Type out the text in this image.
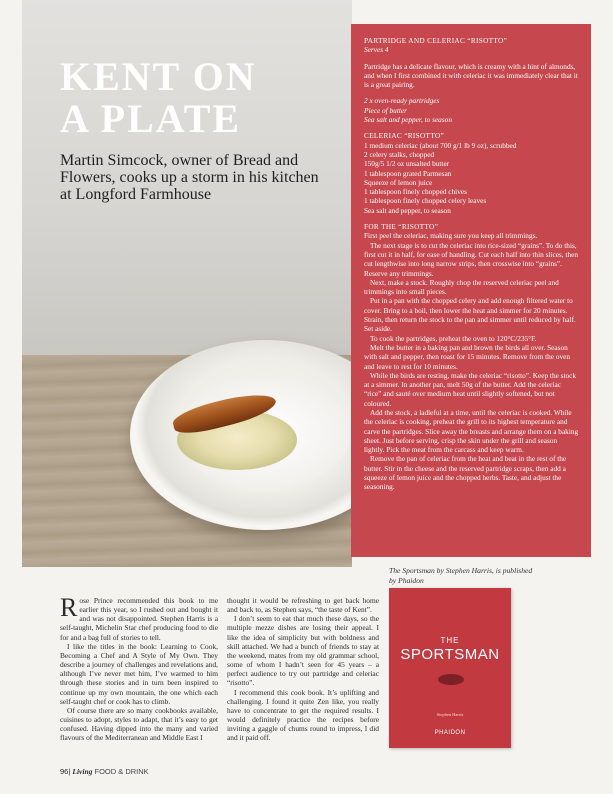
KENT ON
A PLATE
Martin Simcock, owner of Bread and Flowers, cooks up a storm in his kitchen at Longford Farmhouse
PARTRIDGE AND CELERIAC “RISOTTO”
Serves 4
Partridge has a delicate flavour, which is creamy with a hint of almonds, and when I first combined it with celeriac it was immediately clear that it is a great pairing.
2 x oven-ready partridges
Piece of butter
Sea salt and pepper, to season
CELERIAC “RISOTTO”
1 medium celeriac (about 700 g/1 lb 9 oz), scrubbed
2 celery stalks, chopped
150g/5 1/2 oz unsalted butter
1 tablespoon grated Parmesan
Squeeze of lemon juice
1 tablespoon finely chopped chives
1 tablespoon finely chopped celery leaves
Sea salt and pepper, to season
FOR THE “RISOTTO”

First peel the celeriac, making sure you keep all trimmings.

The next stage is to cut the celeriac into rice-sized “grains”. To do this, first cut it in half, for ease of handling. Cut each half into thin slices, then cut lengthwise into long narrow strips, then crosswise into “grains”. Reserve any trimmings.

Next, make a stock. Roughly chop the reserved celeriac peel and trimmings into small pieces.

Put in a pan with the chopped celery and add enough filtered water to cover. Bring to a boil, then lower the heat and simmer for 20 minutes. Strain, then return the stock to the pan and simmer until reduced by half. Set aside.

To cook the partridges, preheat the oven to 120°C/235°F.

Melt the butter in a baking pan and brown the birds all over. Season with salt and pepper, then roast for 15 minutes. Remove from the oven and leave to rest for 10 minutes.

While the birds are resting, make the celeriac “risotto”. Keep the stock at a simmer. In another pan, melt 50g of the butter. Add the celeriac “rice” and sauté over medium heat until slightly softened, but not coloured.

Add the stock, a ladleful at a time, until the celeriac is cooked. While the celeriac is cooking, preheat the grill to its highest temperature and carve the partridges. Slice away the breasts and arrange them on a baking sheet. Just before serving, crisp the skin under the grill and season lightly. Pick the meat from the carcass and keep warm.

Remove the pan of celeriac from the heat and beat in the rest of the butter. Stir in the cheese and the reserved partridge scraps, then add a squeeze of lemon juice and the chopped herbs. Taste, and adjust the seasoning.

The Sportsman by Stephen Harris, is published by Phaidon
THE
SPORTSMAN
Stephen Harris
PHAIDON

Rose Prince recommended this book to me earlier this year, so I rushed out and bought it and was not disappointed. Stephen Harris is a self-taught, Michelin Star chef producing food to die for and a bag full of stories to tell.

I like the titles in the book: Learning to Cook, Becoming a Chef and A Style of My Own. They describe a journey of challenges and revelations and, although I’ve never met him, I’ve warmed to him through these stories and in turn been inspired to continue up my own mountain, the one which each self-taught chef or cook has to climb.

Of course there are so many cookbooks available, cuisines to adopt, styles to adapt, that it’s easy to get confused. Having dipped into the many and varied flavours of the Mediterranean and Middle East I

thought it would be refreshing to get back home and back to, as Stephen says, “the taste of Kent”.

I don’t seem to eat that much these days, so the multiple mezze dishes are losing their appeal. I like the idea of simplicity but with boldness and skill attached. We had a bunch of friends to stay at the weekend, mates from my old grammar school, some of whom I hadn’t seen for 45 years – a perfect audience to try out partridge and celeriac “risotto”.

I recommend this cook book. It’s uplifting and challenging. I found it quite Zen like, you really have to concentrate to get the required results. I would definitely practice the recipes before inviting a gaggle of chums round to impress, I did and it paid off.

96| Living FOOD & DRINK
